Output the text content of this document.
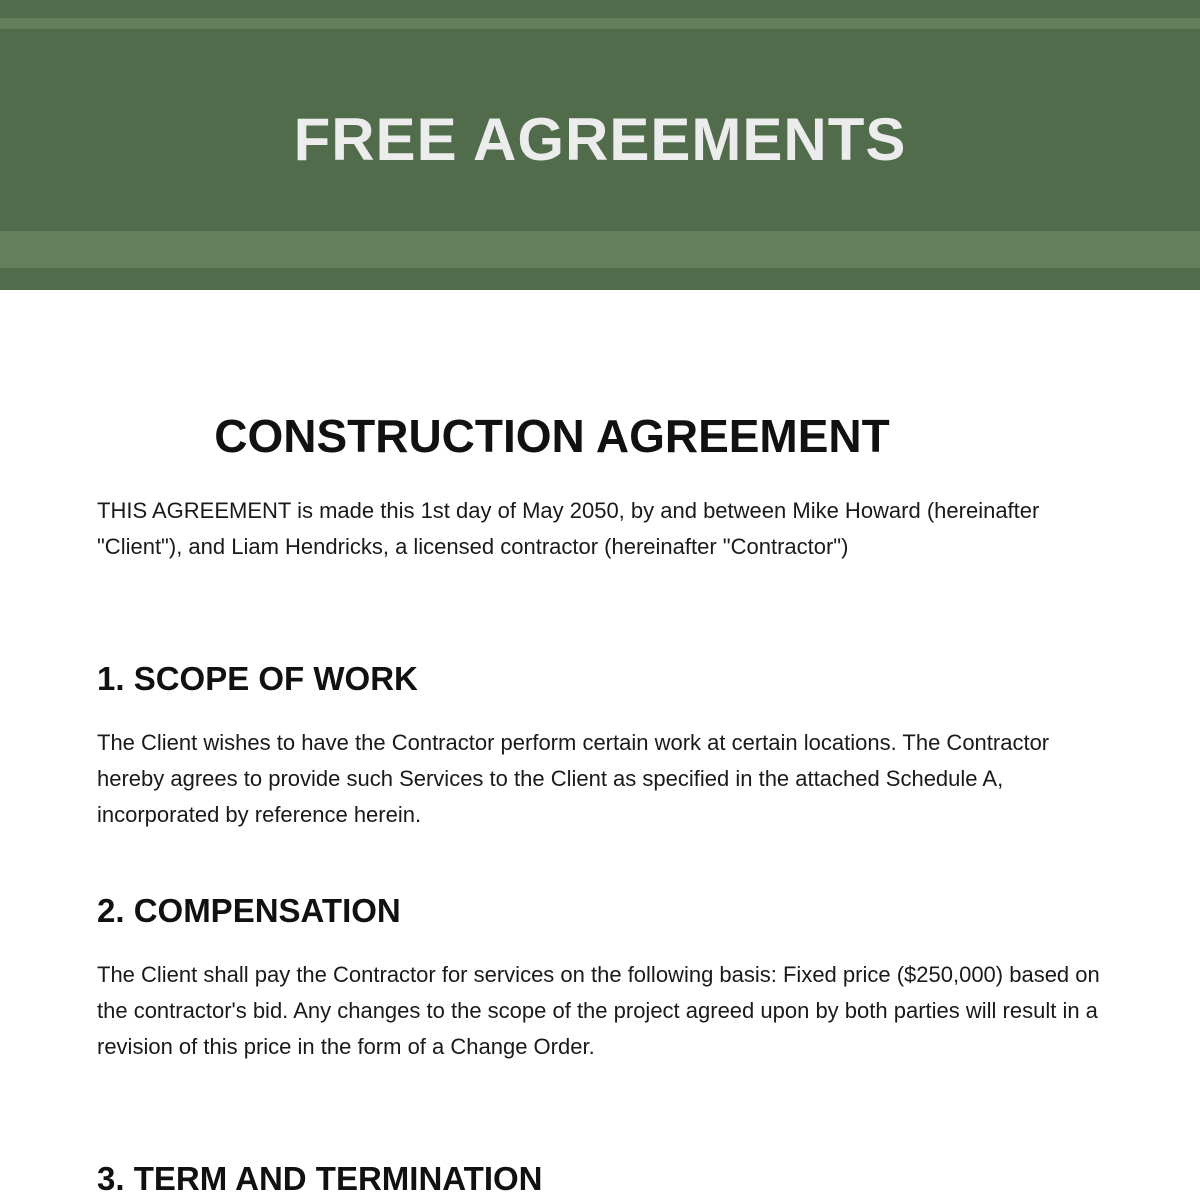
FREE AGREEMENTS
CONSTRUCTION AGREEMENT

THIS AGREEMENT is made this 1st day of May 2050, by and between Mike Howard (hereinafter "Client"), and Liam Hendricks, a licensed contractor (hereinafter "Contractor")

1. SCOPE OF WORK

The Client wishes to have the Contractor perform certain work at certain locations. The Contractor hereby agrees to provide such Services to the Client as specified in the attached Schedule A, incorporated by reference herein.

2. COMPENSATION

The Client shall pay the Contractor for services on the following basis: Fixed price ($250,000) based on the contractor's bid. Any changes to the scope of the project agreed upon by both parties will result in a revision of this price in the form of a Change Order.

3. TERM AND TERMINATION
